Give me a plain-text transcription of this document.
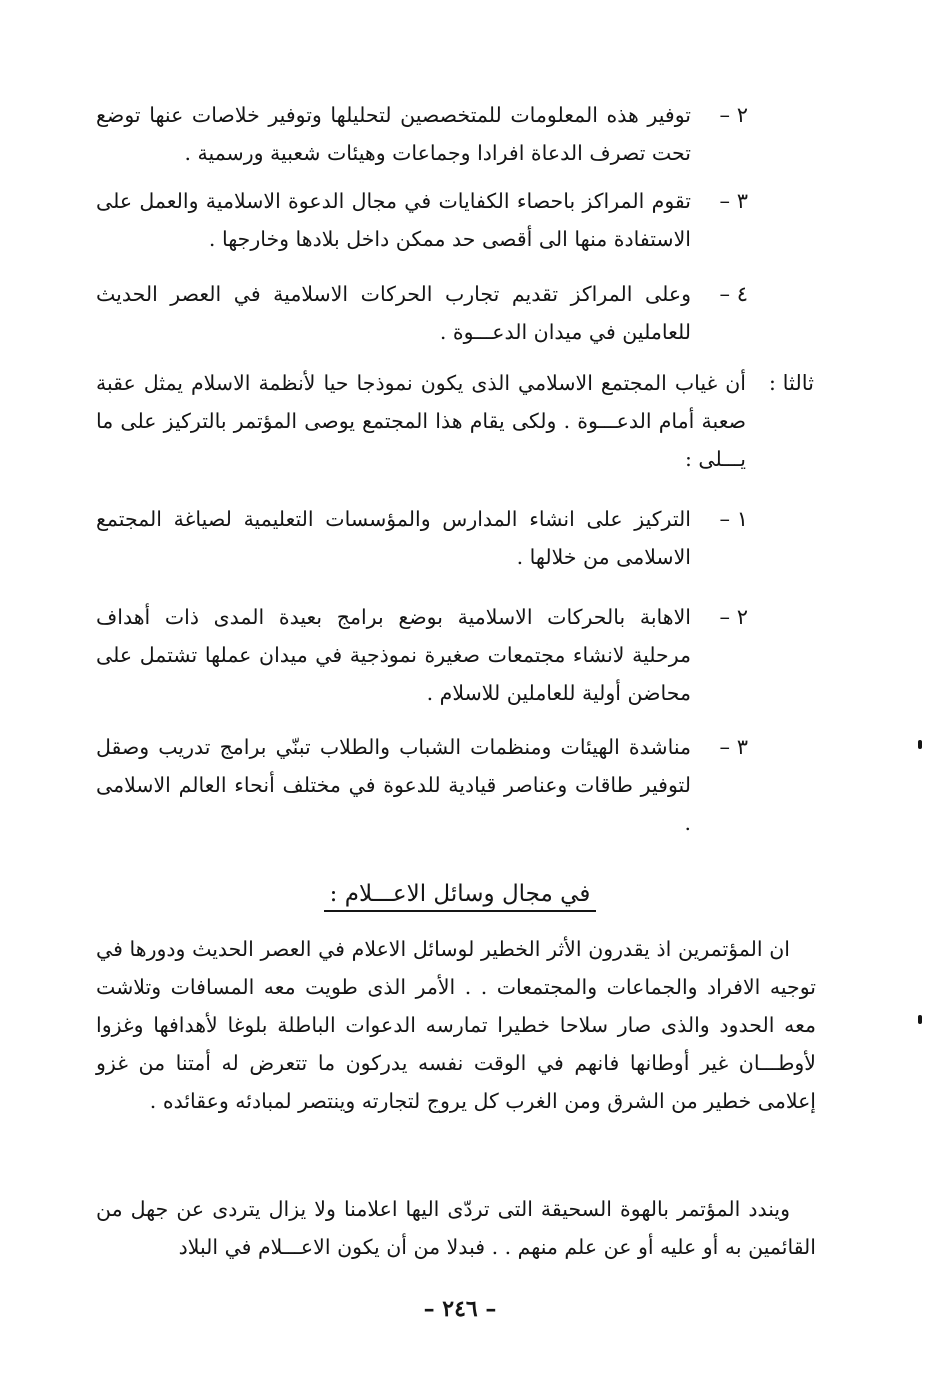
٢ –
توفير هذه المعلومات للمتخصصين لتحليلها وتوفير خلاصات عنها توضع تحت تصرف الدعاة افرادا وجماعات وهيئات شعبية ورسمية .
٣ –
تقوم المراكز باحصاء الكفايات في مجال الدعوة الاسلامية والعمل على الاستفادة منها الى أقصى حد ممكن داخل بلادها وخارجها .
٤ –
وعلى المراكز تقديم تجارب الحركات الاسلامية في العصر الحديث للعاملين في ميدان الدعـــوة .
ثالثا :
أن غياب المجتمع الاسلامي الذى يكون نموذجا حيا لأنظمة الاسلام يمثل عقبة صعبة أمام الدعـــوة . ولكى يقام هذا المجتمع يوصى المؤتمر بالتركيز على ما يـــلى :
١ –
التركيز على انشاء المدارس والمؤسسات التعليمية لصياغة المجتمع الاسلامى من خلالها .
٢ –
الاهابة بالحركات الاسلامية بوضع برامج بعيدة المدى ذات أهداف مرحلية لانشاء مجتمعات صغيرة نموذجية في ميدان عملها تشتمل على محاضن أولية للعاملين للاسلام .
٣ –
مناشدة الهيئات ومنظمات الشباب والطلاب تبنّي برامج تدريب وصقل لتوفير طاقات وعناصر قيادية للدعوة في مختلف أنحاء العالم الاسلامى .
في مجال وسائل الاعـــلام :
ان المؤتمرين اذ يقدرون الأثر الخطير لوسائل الاعلام في العصر الحديث ودورها في توجيه الافراد والجماعات والمجتمعات . . الأمر الذى طويت معه المسافات وتلاشت معه الحدود والذى صار سلاحا خطيرا تمارسه الدعوات الباطلة بلوغا لأهدافها وغزوا لأوطـــان غير أوطانها فانهم في الوقت نفسه يدركون ما تتعرض له أمتنا من غزو إعلامى خطير من الشرق ومن الغرب كل يروج لتجارته وينتصر لمبادئه وعقائده .
ويندد المؤتمر بالهوة السحيقة التى تردّى اليها اعلامنا ولا يزال يتردى عن جهل من القائمين به أو عليه أو عن علم منهم . . فبدلا من أن يكون الاعـــلام في البلاد
– ٢٤٦ –
